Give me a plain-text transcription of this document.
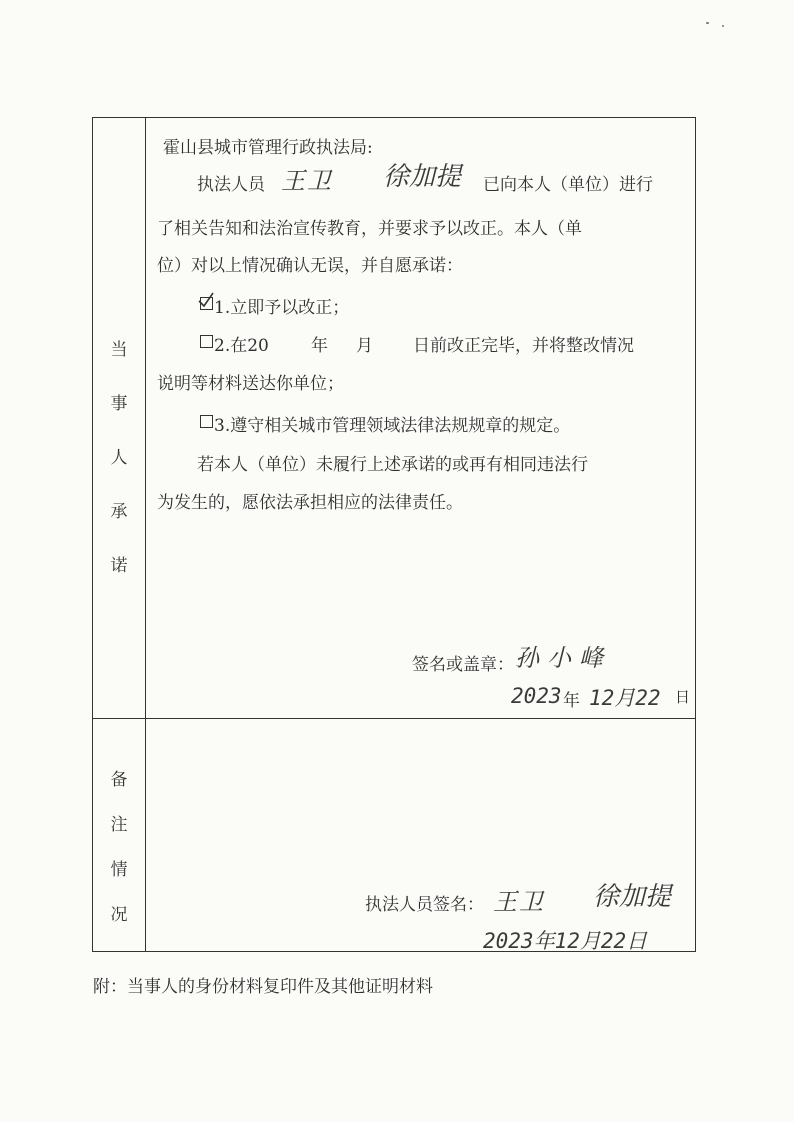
当
事
人
承
诺
备
注
情
况
霍山县城市管理行政执法局:
执法人员 王卫 徐加提 已向本人（单位）进行
了相关告知和法治宣传教育，并要求予以改正。本人（单
位）对以上情况确认无误，并自愿承诺：
1.立即予以改正；
2.在20 年 月 日前改正完毕，并将整改情况
说明等材料送达你单位；
3.遵守相关城市管理领域法律法规规章的规定。
若本人（单位）未履行上述承诺的或再有相同违法行
为发生的，愿依法承担相应的法律责任。
签名或盖章： 孙小峰
2023 年 12月22 日
执法人员签名： 王卫 徐加提
2023年12月22日
附：当事人的身份材料复印件及其他证明材料
